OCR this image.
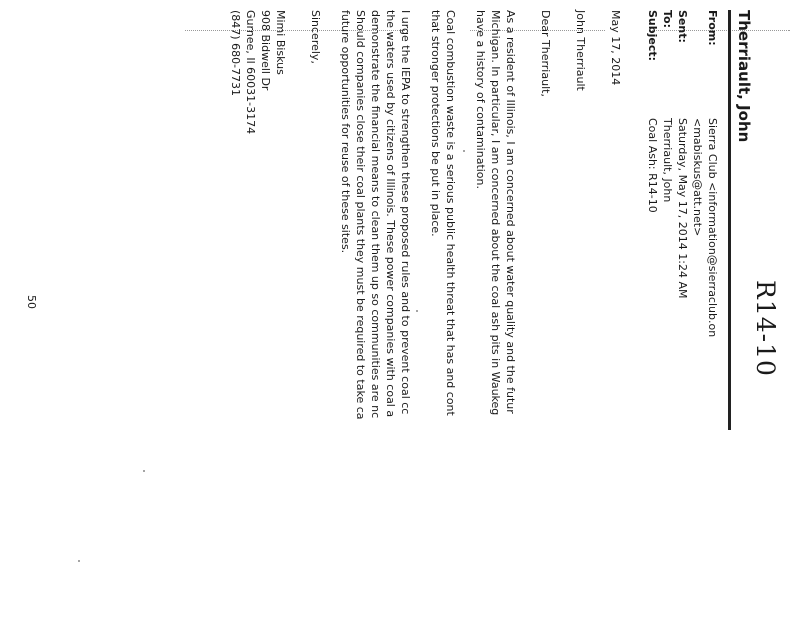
R14-10
Therriault, John
From:
Sent:
To:
Subject:
Sierra Club <information@sierraclub.on
<mabiskus@att.net>
Saturday, May 17, 2014 1:24 AM
Therriault, John
Coal Ash: R14-10

May 17, 2014

John Therriault

Dear Therriault,

As a resident of Illinois, I am concerned about water quality and the futur
Michigan. In particular, I am concerned about the coal ash pits in Waukeg
have a history of contamination.

Coal combustion waste is a serious public health threat that has and cont
that stronger protections be put in place.

I urge the IEPA to strengthen these proposed rules and to prevent coal cc
the waters used by citizens of Illinois. These power companies with coal a
demonstrate the financial means to clean them up so communities are nc
Should companies close their coal plants they must be required to take ca
future opportunities for reuse of these sites.

Sincerely,

Mimi Biskus
908 Bidwell Dr
Gurnee, Il 60031-3174
(847) 680-7731

50
